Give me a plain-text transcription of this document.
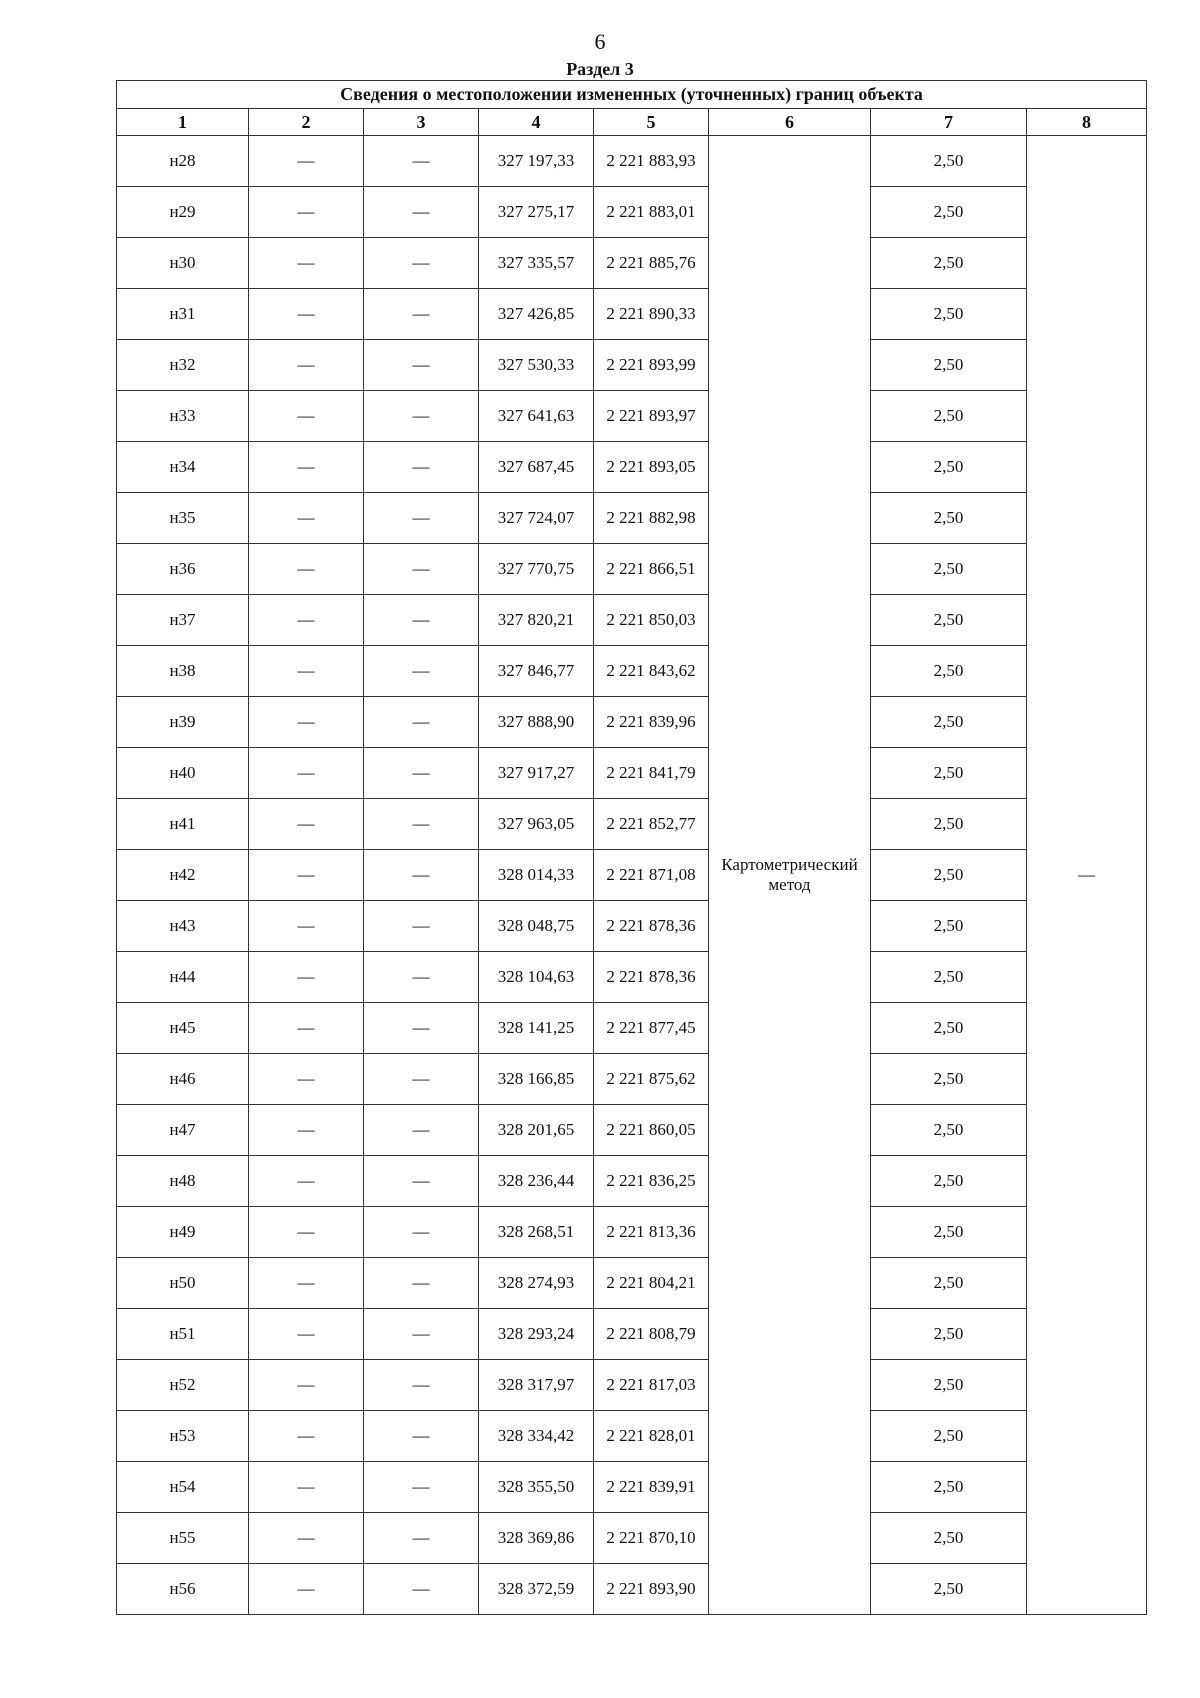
6
Раздел 3
Сведения о местоположении измененных (уточненных) границ объекта							
1	2	3	4	5	6	7	8
н28	—	—	327 197,33	2 221 883,93	Картометрический метод	2,50	—
н29	—	—	327 275,17	2 221 883,01		2,50	
н30	—	—	327 335,57	2 221 885,76		2,50	
н31	—	—	327 426,85	2 221 890,33		2,50	
н32	—	—	327 530,33	2 221 893,99		2,50	
н33	—	—	327 641,63	2 221 893,97		2,50	
н34	—	—	327 687,45	2 221 893,05		2,50	
н35	—	—	327 724,07	2 221 882,98		2,50	
н36	—	—	327 770,75	2 221 866,51		2,50	
н37	—	—	327 820,21	2 221 850,03		2,50	
н38	—	—	327 846,77	2 221 843,62		2,50	
н39	—	—	327 888,90	2 221 839,96		2,50	
н40	—	—	327 917,27	2 221 841,79		2,50	
н41	—	—	327 963,05	2 221 852,77		2,50	
н42	—	—	328 014,33	2 221 871,08		2,50	
н43	—	—	328 048,75	2 221 878,36		2,50	
н44	—	—	328 104,63	2 221 878,36		2,50	
н45	—	—	328 141,25	2 221 877,45		2,50	
н46	—	—	328 166,85	2 221 875,62		2,50	
н47	—	—	328 201,65	2 221 860,05		2,50	
н48	—	—	328 236,44	2 221 836,25		2,50	
н49	—	—	328 268,51	2 221 813,36		2,50	
н50	—	—	328 274,93	2 221 804,21		2,50	
н51	—	—	328 293,24	2 221 808,79		2,50	
н52	—	—	328 317,97	2 221 817,03		2,50	
н53	—	—	328 334,42	2 221 828,01		2,50	
н54	—	—	328 355,50	2 221 839,91		2,50	
н55	—	—	328 369,86	2 221 870,10		2,50	
н56	—	—	328 372,59	2 221 893,90		2,50	
